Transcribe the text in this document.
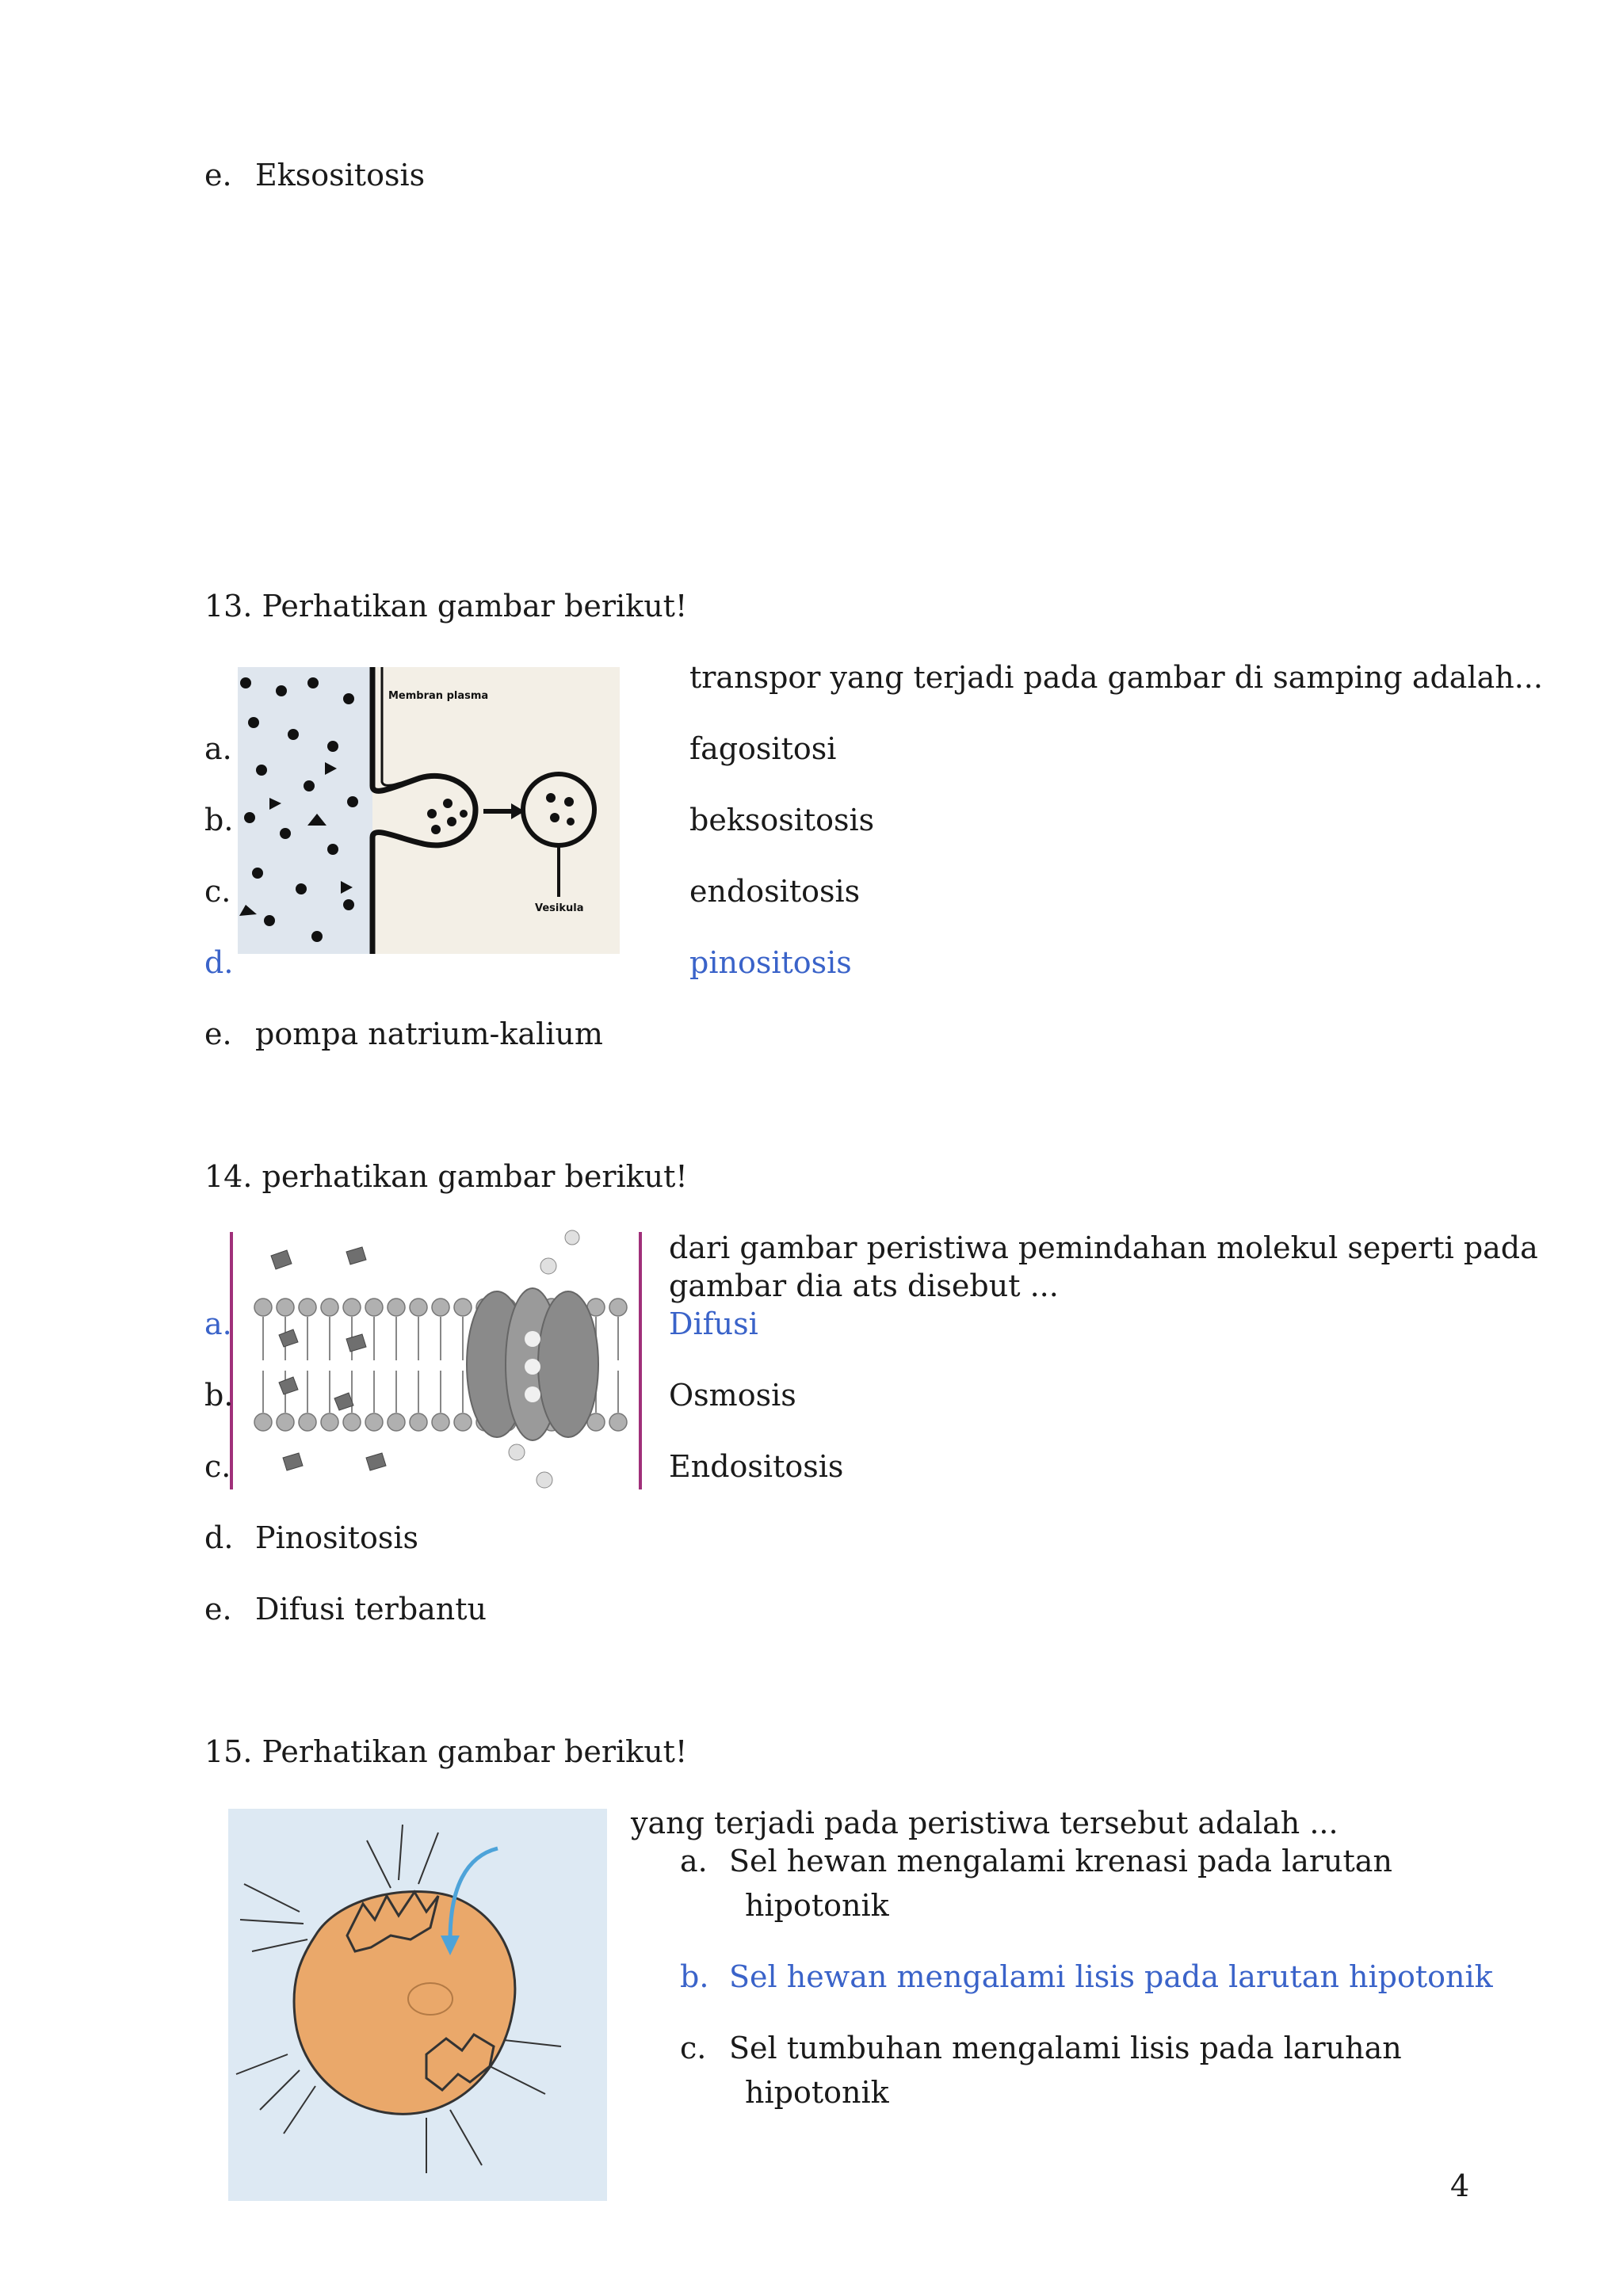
e. Eksositosis
13. Perhatikan gambar berikut!
Membran plasma
Vesikula
transpor yang terjadi pada gambar di samping adalah...
a.	fagositosi
b.	beksositosis
c.	endositosis
d.	pinositosis
e. pompa natrium-kalium
14. perhatikan gambar berikut!
dari gambar peristiwa pemindahan molekul seperti pada
gambar dia ats disebut ...
a.	Difusi
b.	Osmosis
c.	Endositosis
d. Pinositosis
e. Difusi terbantu
15. Perhatikan gambar berikut!
yang terjadi pada peristiwa tersebut adalah ...
a. Sel hewan mengalami krenasi pada larutan
hipotonik
b. Sel hewan mengalami lisis pada larutan hipotonik
c. Sel tumbuhan mengalami lisis pada laruhan
hipotonik
4
